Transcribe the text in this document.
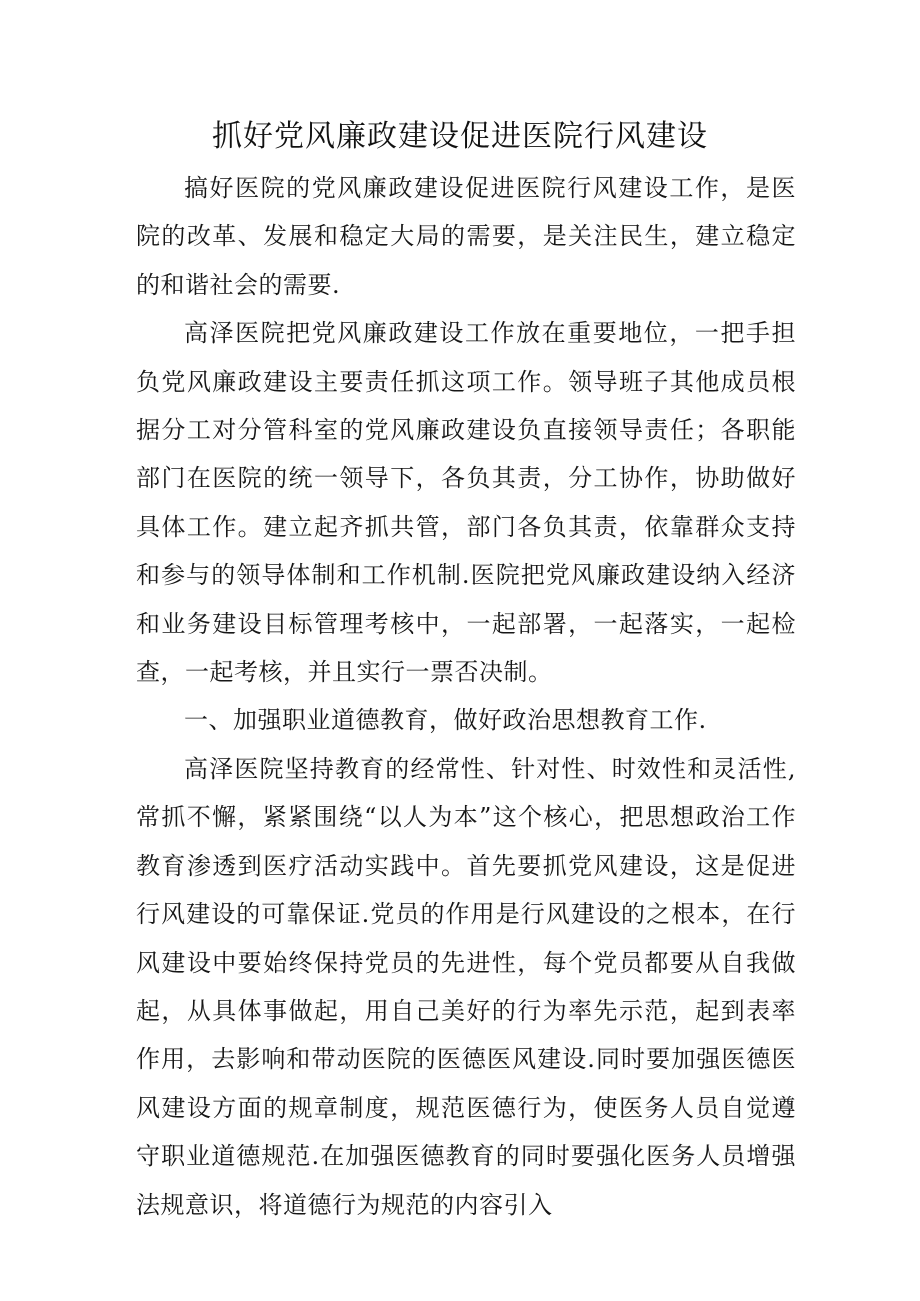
抓好党风廉政建设促进医院行风建设

搞好医院的党风廉政建设促进医院行风建设工作，是医院的改革、发展和稳定大局的需要，是关注民生，建立稳定的和谐社会的需要.

高泽医院把党风廉政建设工作放在重要地位，一把手担负党风廉政建设主要责任抓这项工作。领导班子其他成员根据分工对分管科室的党风廉政建设负直接领导责任；各职能部门在医院的统一领导下，各负其责，分工协作，协助做好具体工作。建立起齐抓共管，部门各负其责，依靠群众支持和参与的领导体制和工作机制.医院把党风廉政建设纳入经济和业务建设目标管理考核中，一起部署，一起落实，一起检查，一起考核，并且实行一票否决制。

一、加强职业道德教育，做好政治思想教育工作.

高泽医院坚持教育的经常性、针对性、时效性和灵活性,常抓不懈，紧紧围绕“以人为本”这个核心，把思想政治工作教育渗透到医疗活动实践中。首先要抓党风建设，这是促进行风建设的可靠保证.党员的作用是行风建设的之根本，在行风建设中要始终保持党员的先进性，每个党员都要从自我做起，从具体事做起，用自己美好的行为率先示范，起到表率作用，去影响和带动医院的医德医风建设.同时要加强医德医风建设方面的规章制度，规范医德行为，使医务人员自觉遵守职业道德规范.在加强医德教育的同时要强化医务人员增强法规意识，将道德行为规范的内容引入
